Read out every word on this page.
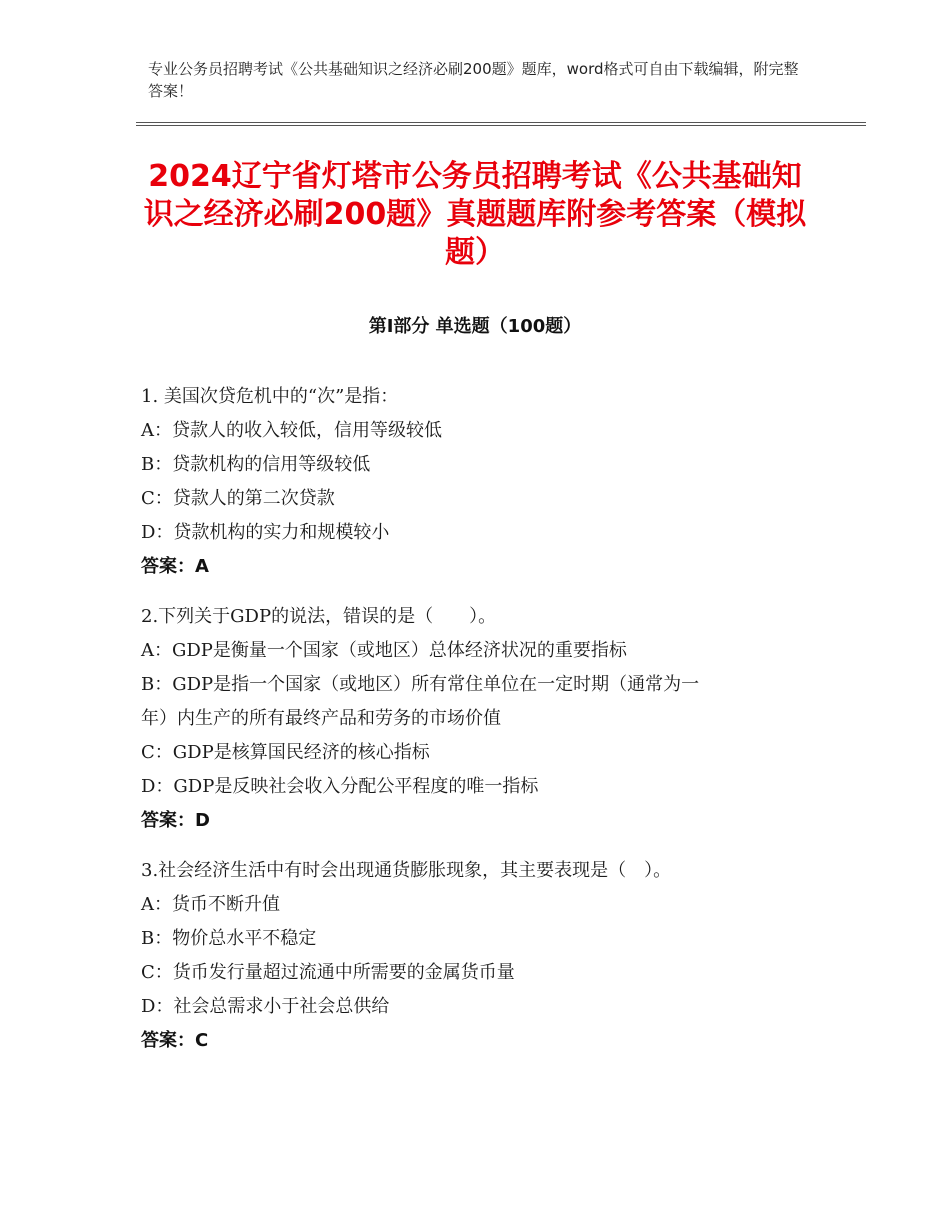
专业公务员招聘考试《公共基础知识之经济必刷200题》题库，word格式可自由下载编辑，附完整答案！
2024辽宁省灯塔市公务员招聘考试《公共基础知识之经济必刷200题》真题题库附参考答案（模拟题）
第Ⅰ部分 单选题（100题）
1. 美国次贷危机中的“次”是指：
A：贷款人的收入较低，信用等级较低
B：贷款机构的信用等级较低
C：贷款人的第二次贷款
D：贷款机构的实力和规模较小
答案：A
2.下列关于GDP的说法，错误的是（　　）。
A：GDP是衡量一个国家（或地区）总体经济状况的重要指标
B：GDP是指一个国家（或地区）所有常住单位在一定时期（通常为一
年）内生产的所有最终产品和劳务的市场价值
C：GDP是核算国民经济的核心指标
D：GDP是反映社会收入分配公平程度的唯一指标
答案：D
3.社会经济生活中有时会出现通货膨胀现象，其主要表现是（　）。
A：货币不断升值
B：物价总水平不稳定
C：货币发行量超过流通中所需要的金属货币量
D：社会总需求小于社会总供给
答案：C
